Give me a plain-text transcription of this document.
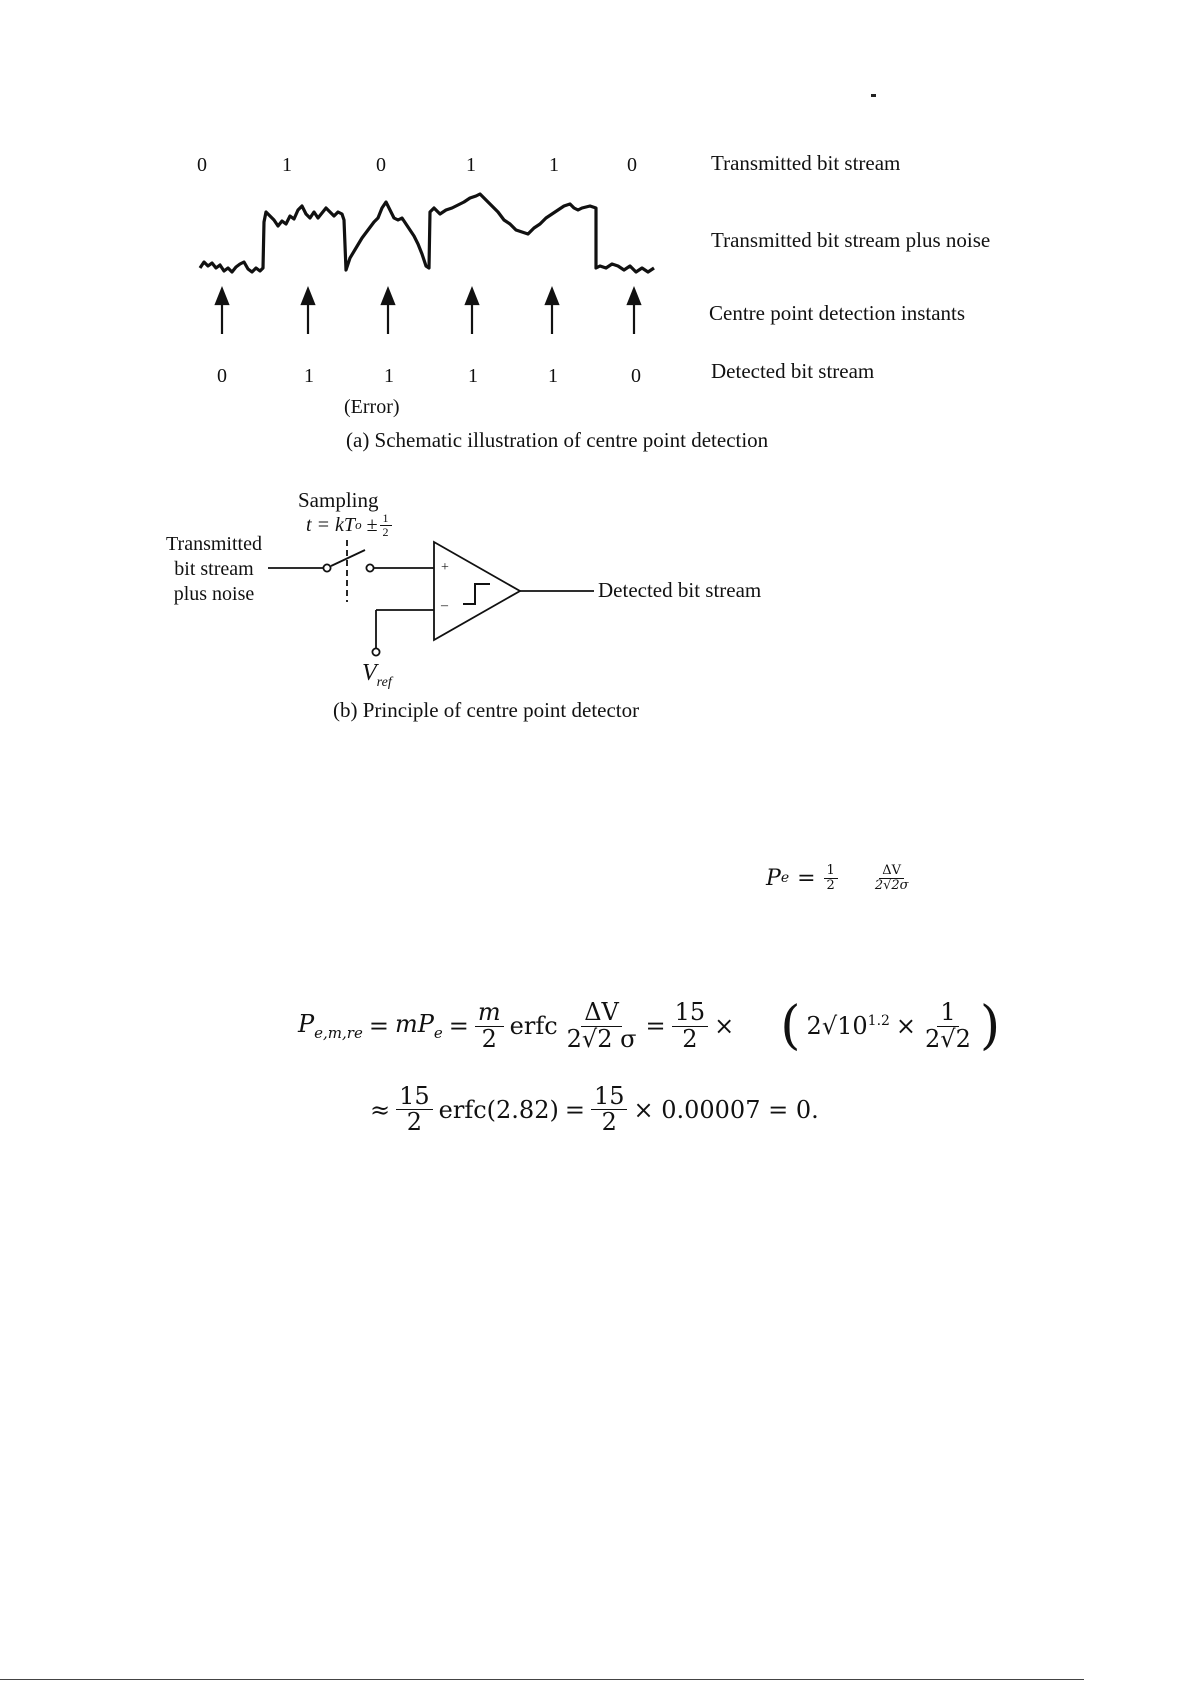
0	1	0	1	1	0
0	1	1	1	1	0
(Error)
Transmitted bit stream
Transmitted bit stream plus noise
Centre point detection instants
Detected bit stream
(a) Schematic illustration of centre point detection
Transmitted
bit stream
plus noise
Sampling
t = kT $o \pm \frac{1}{2}$
+
–
$V_{ref}$
Detected bit stream
(b) Principle of centre point detector
P $e = \frac{1}{2}$	$\frac{\Delta V}{2√2\sigma}$
$P_{e,m,re} = mP_e = \frac{m}{2}$ erfc $\frac{\Delta V}{2√2 \sigma} = \frac{15}{2}$ × ( $2√10^{1.2} \times \frac{1}{2√2}$ )
≈ $\frac{15}{2}$ erfc(2.82) = $\frac{15}{2} \times 0.00007 = 0$.
